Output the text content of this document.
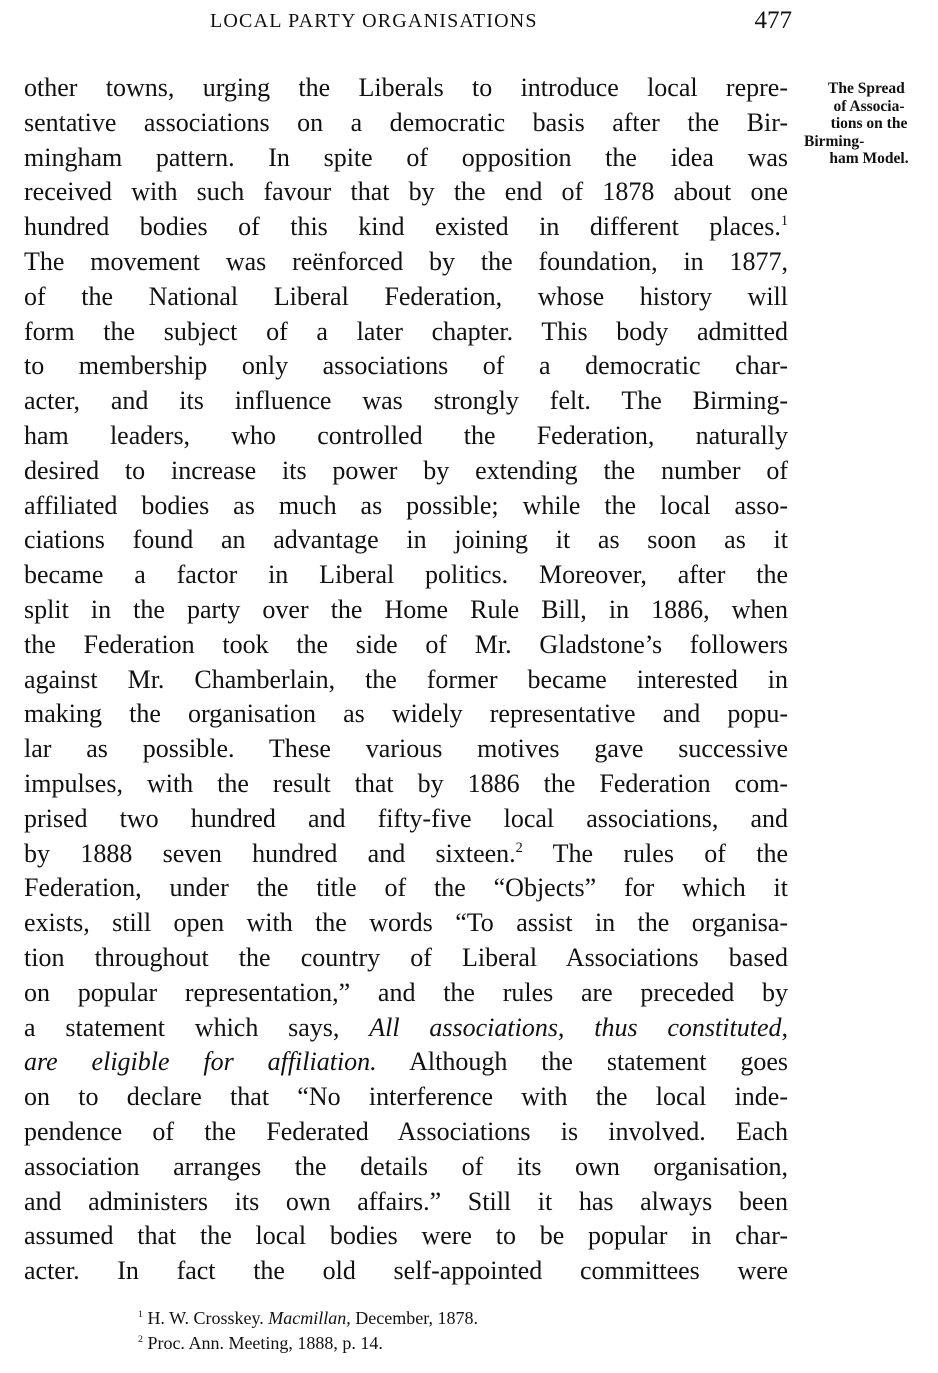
LOCAL PARTY ORGANISATIONS	477
other towns, urging the Liberals to introduce local repre-
sentative associations on a democratic basis after the Bir-
mingham pattern. In spite of opposition the idea was
received with such favour that by the end of 1878 about one
hundred bodies of this kind existed in different places.$^1$
The movement was reënforced by the foundation, in 1877,
of the National Liberal Federation, whose history will
form the subject of a later chapter. This body admitted
to membership only associations of a democratic char-
acter, and its influence was strongly felt. The Birming-
ham leaders, who controlled the Federation, naturally
desired to increase its power by extending the number of
affiliated bodies as much as possible; while the local asso-
ciations found an advantage in joining it as soon as it
became a factor in Liberal politics. Moreover, after the
split in the party over the Home Rule Bill, in 1886, when
the Federation took the side of Mr. Gladstone’s followers
against Mr. Chamberlain, the former became interested in
making the organisation as widely representative and popu-
lar as possible. These various motives gave successive
impulses, with the result that by 1886 the Federation com-
prised two hundred and fifty-five local associations, and
by 1888 seven hundred and sixteen.$^2$ The rules of the
Federation, under the title of the “Objects” for which it
exists, still open with the words “To assist in the organisa-
tion throughout the country of Liberal Associations based
on popular representation,” and the rules are preceded by
a statement which says, All associations, thus constituted,
are eligible for affiliation. Although the statement goes
on to declare that “No interference with the local inde-
pendence of the Federated Associations is involved. Each
association arranges the details of its own organisation,
and administers its own affairs.” Still it has always been
assumed that the local bodies were to be popular in char-
acter. In fact the old self-appointed committees were
The Spread
of Associa-
tions on the
Birming-
ham Model.
$^1$ H. W. Crosskey. Macmillan, December, 1878.
$^2$ Proc. Ann. Meeting, 1888, p. 14.
